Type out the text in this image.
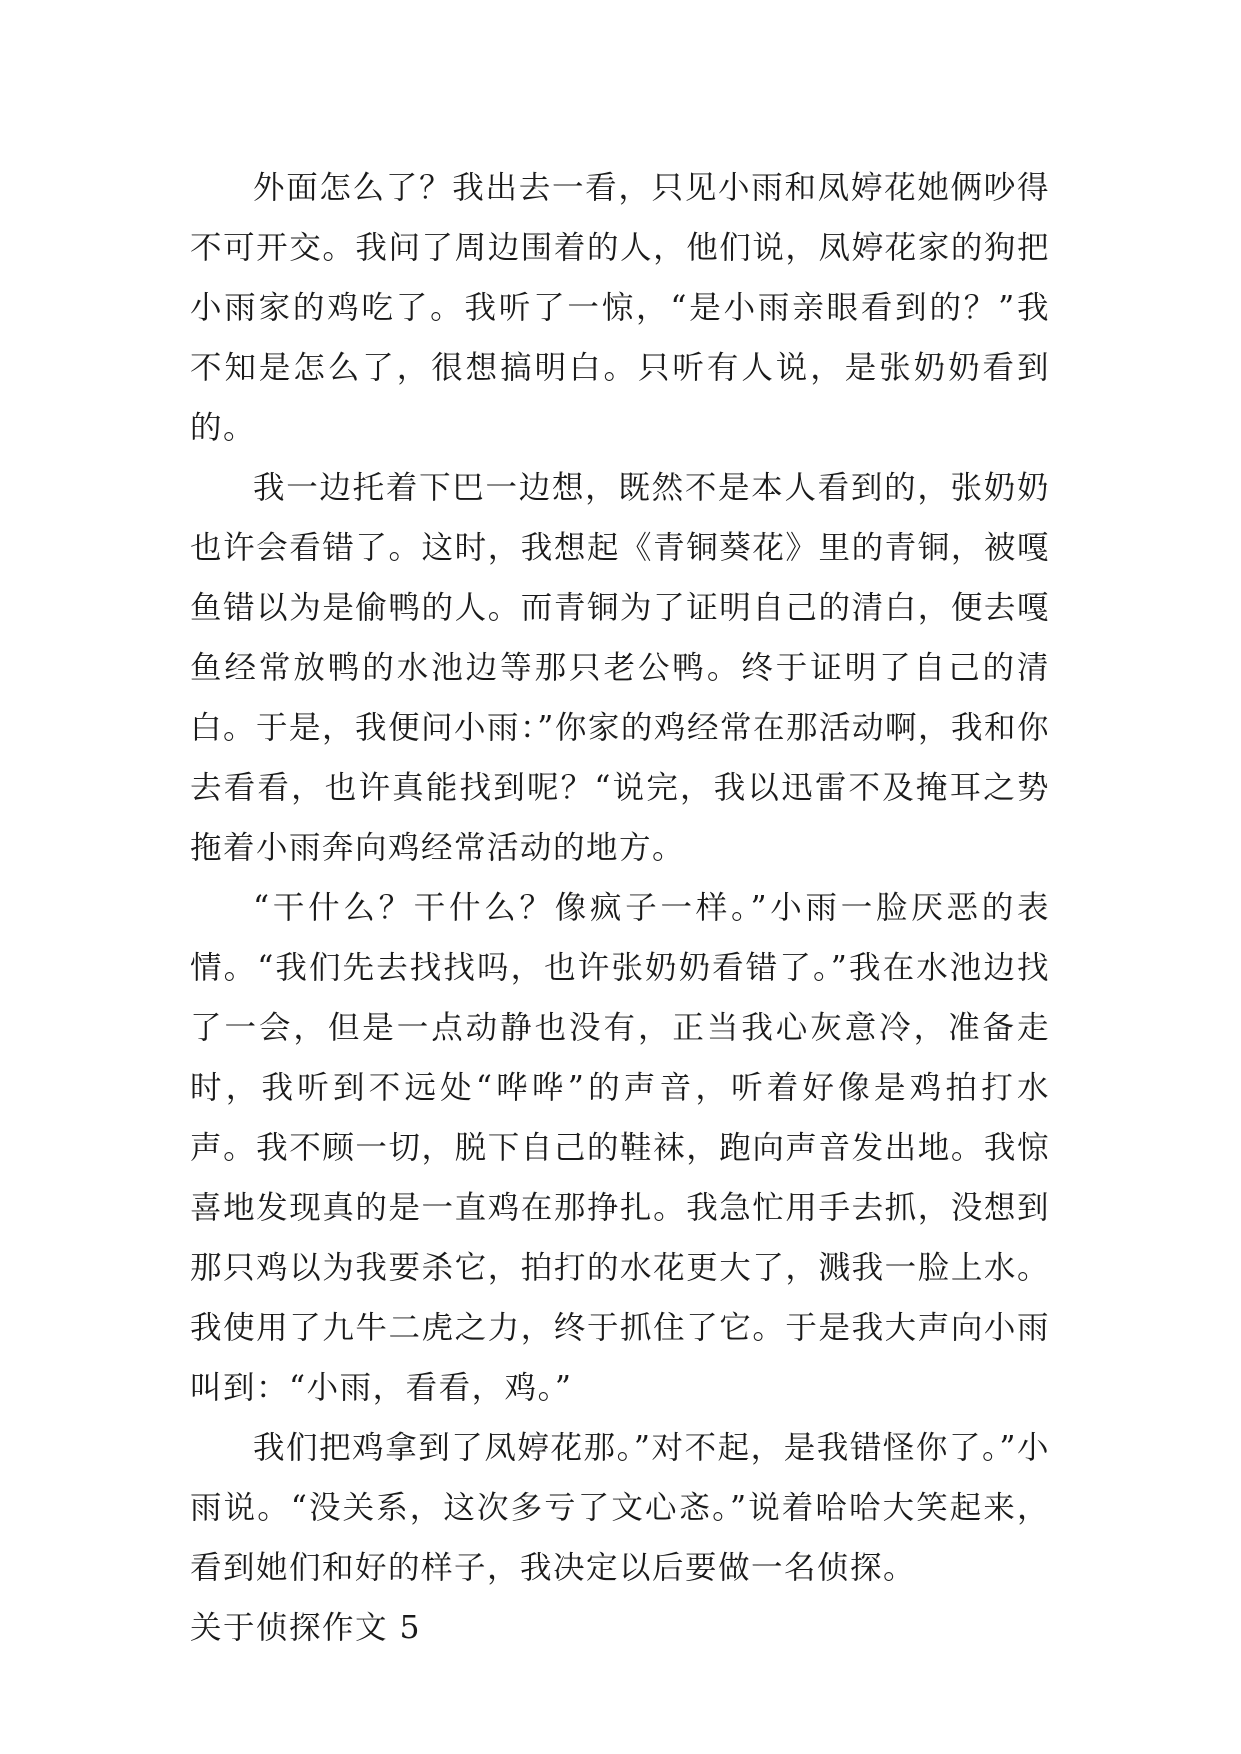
外面怎么了？我出去一看，只见小雨和凤婷花她俩吵得不可开交。我问了周边围着的人，他们说，凤婷花家的狗把小雨家的鸡吃了。我听了一惊，“是小雨亲眼看到的？”我不知是怎么了，很想搞明白。只听有人说，是张奶奶看到的。

我一边托着下巴一边想，既然不是本人看到的，张奶奶也许会看错了。这时，我想起《青铜葵花》里的青铜，被嘎鱼错以为是偷鸭的人。而青铜为了证明自己的清白，便去嘎鱼经常放鸭的水池边等那只老公鸭。终于证明了自己的清白。于是，我便问小雨：”你家的鸡经常在那活动啊，我和你去看看，也许真能找到呢？“说完，我以迅雷不及掩耳之势拖着小雨奔向鸡经常活动的地方。

“干什么？干什么？像疯子一样。”小雨一脸厌恶的表情。“我们先去找找吗，也许张奶奶看错了。”我在水池边找了一会，但是一点动静也没有，正当我心灰意冷，准备走时，我听到不远处“哗哗”的声音，听着好像是鸡拍打水声。我不顾一切，脱下自己的鞋袜，跑向声音发出地。我惊喜地发现真的是一直鸡在那挣扎。我急忙用手去抓，没想到那只鸡以为我要杀它，拍打的水花更大了，溅我一脸上水。我使用了九牛二虎之力，终于抓住了它。于是我大声向小雨叫到：“小雨，看看，鸡。”

我们把鸡拿到了凤婷花那。”对不起，是我错怪你了。”小雨说。“没关系，这次多亏了文心忞。”说着哈哈大笑起来，看到她们和好的样子，我决定以后要做一名侦探。

关于侦探作文 5
